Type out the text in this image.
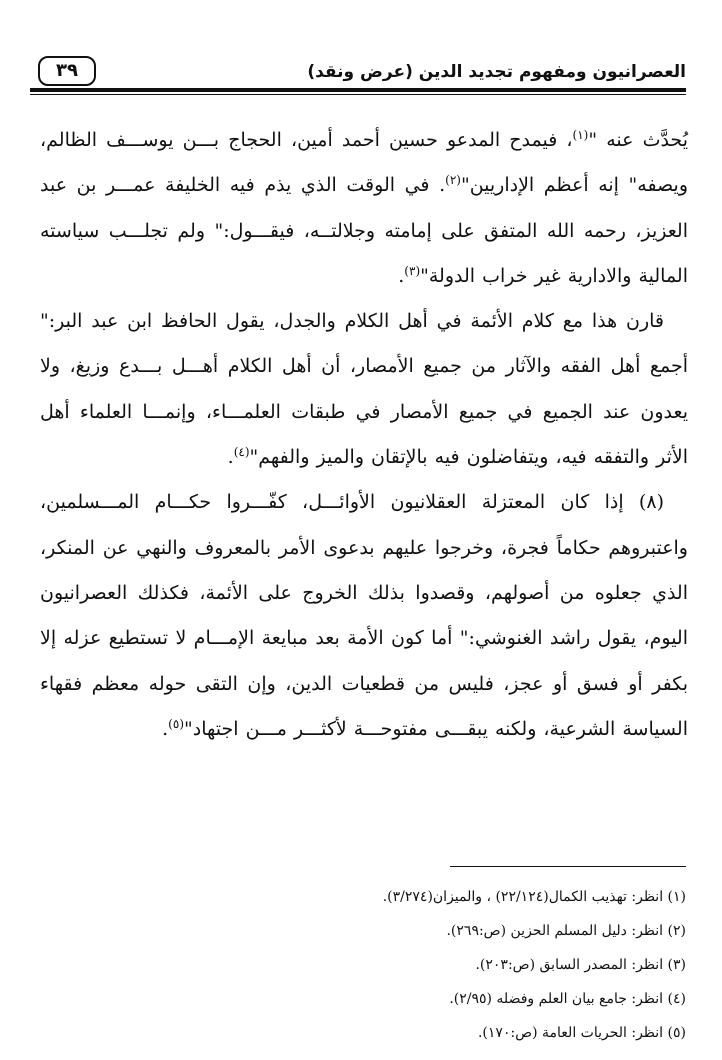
العصرانيون ومفهوم تجديد الدين (عرض ونقد)
٣٩

يُحدَّث عنه "$^{(١)}$، فيمدح المدعو حسين أحمد أمين، الحجاج بـــن يوســـف الظالم، ويصفه" إنه أعظم الإداريين"$^{(٢)}$. في الوقت الذي يذم فيه الخليفة عمـــر بن عبد العزيز، رحمه الله المتفق على إمامته وجلالتــه، فيقـــول:" ولم تجلـــب سياسته المالية والادارية غير خراب الدولة"$^{(٣)}$.

قارن هذا مع كلام الأئمة في أهل الكلام والجدل، يقول الحافظ ابن عبد البر:" أجمع أهل الفقه والآثار من جميع الأمصار، أن أهل الكلام أهـــل بـــدع وزيغ، ولا يعدون عند الجميع في جميع الأمصار في طبقات العلمـــاء، وإنمـــا العلماء أهل الأثر والتفقه فيه، ويتفاضلون فيه بالإتقان والميز والفهم"$^{(٤)}$.

(٨) إذا كان المعتزلة العقلانيون الأوائـــل، كفّـــروا حكـــام المـــسلمين، واعتبروهم حكاماً فجرة، وخرجوا عليهم بدعوى الأمر بالمعروف والنهي عن المنكر، الذي جعلوه من أصولهم، وقصدوا بذلك الخروج على الأئمة، فكذلك العصرانيون اليوم، يقول راشد الغنوشي:" أما كون الأمة بعد مبايعة الإمـــام لا تستطيع عزله إلا بكفر أو فسق أو عجز، فليس من قطعيات الدين، وإن التقى حوله معظم فقهاء السياسة الشرعية، ولكنه يبقـــى مفتوحـــة لأكثـــر مـــن اجتهاد"$^{(٥)}$.

(١) انظر: تهذيب الكمال(٢٢/١٢٤) ، والميزان(٣/٢٧٤).
(٢) انظر: دليل المسلم الحزين (ص:٢٦٩).
(٣) انظر: المصدر السابق (ص:٢٠٣).
(٤) انظر: جامع بيان العلم وفضله (٢/٩٥).
(٥) انظر: الحريات العامة (ص:١٧٠).
